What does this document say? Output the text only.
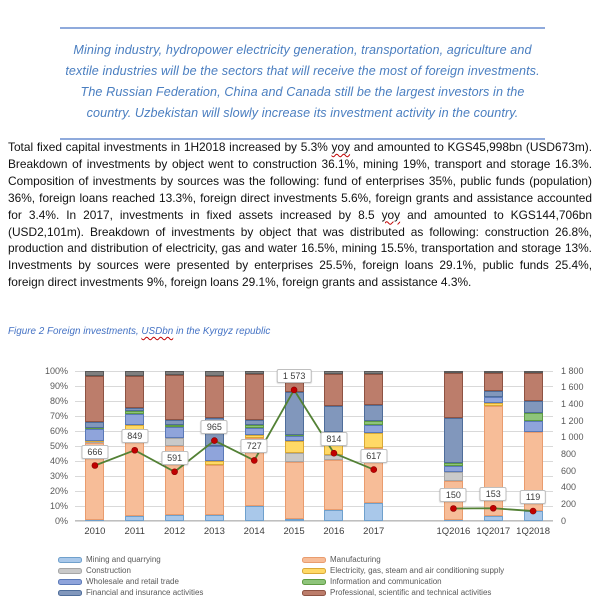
Mining industry, hydropower electricity generation, transportation, agriculture and textile industries will be the sectors that will receive the most of foreign investments. The Russian Federation, China and Canada still be the largest investors in the country. Uzbekistan will slowly increase its investment activity in the country.

Total fixed capital investments in 1H2018 increased by 5.3% yoy and amounted to KGS45,998bn (USD673m). Breakdown of investments by object went to construction 36.1%, mining 19%, transport and storage 16.3%. Composition of investments by sources was the following: fund of enterprises 35%, public funds (population) 36%, foreign loans reached 13.3%, foreign direct investments 5.6%, foreign grants and assistance accounted for 3.4%. In 2017, investments in fixed assets increased by 8.5 yoy and amounted to KGS144,706bn (USD2,101m). Breakdown of investments by object that was distributed as following: construction 26.8%, production and distribution of electricity, gas and water 16.5%, mining 15.5%, transportation and storage 13%. Investments by sources were presented by enterprises 25.5%, foreign loans 29.1%, public funds 25.4%, foreign direct investments 9%, foreign loans 29.1%, foreign grants and assistance 4.3%.

Figure 2 Foreign investments, USDbn in the Kyrgyz republic

666
849
591
965
727
1 573
814
617
150	153	119
100%
90%
80%
70%
60%
50%
40%
30%
20%
10%
0%
1 800
1 600
1 400
1 200
1 000
800
600
400
200
0
2010	2011	2012	2013	2014	2015	2016	2017	1Q2016 1Q2017 1Q2018
Mining and quarrying	Manufacturing
Construction	Electricity, gas, steam and air conditioning supply
Wholesale and retail trade	Information and communication
Financial and insurance activities	Professional, scientific and technical activities
